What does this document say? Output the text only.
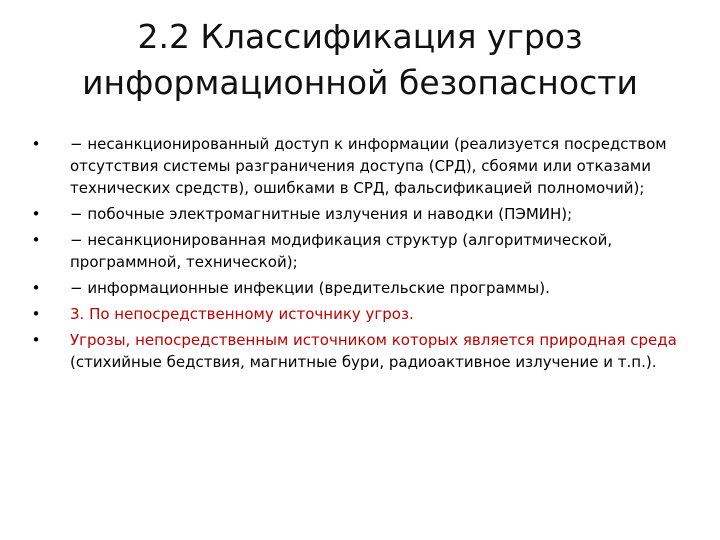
2.2 Классификация угроз
информационной безопасности
• − несанкционированный доступ к информации (реализуется посредством отсутствия системы разграничения доступа (СРД), сбоями или отказами технических средств), ошибками в СРД, фальсификацией полномочий);
• − побочные электромагнитные излучения и наводки (ПЭМИН);
• − несанкционированная модификация структур (алгоритмической, программной, технической);
• − информационные инфекции (вредительские программы).
• 3. По непосредственному источнику угроз.
• Угрозы, непосредственным источником которых является природная среда (стихийные бедствия, магнитные бури, радиоактивное излучение и т.п.).
